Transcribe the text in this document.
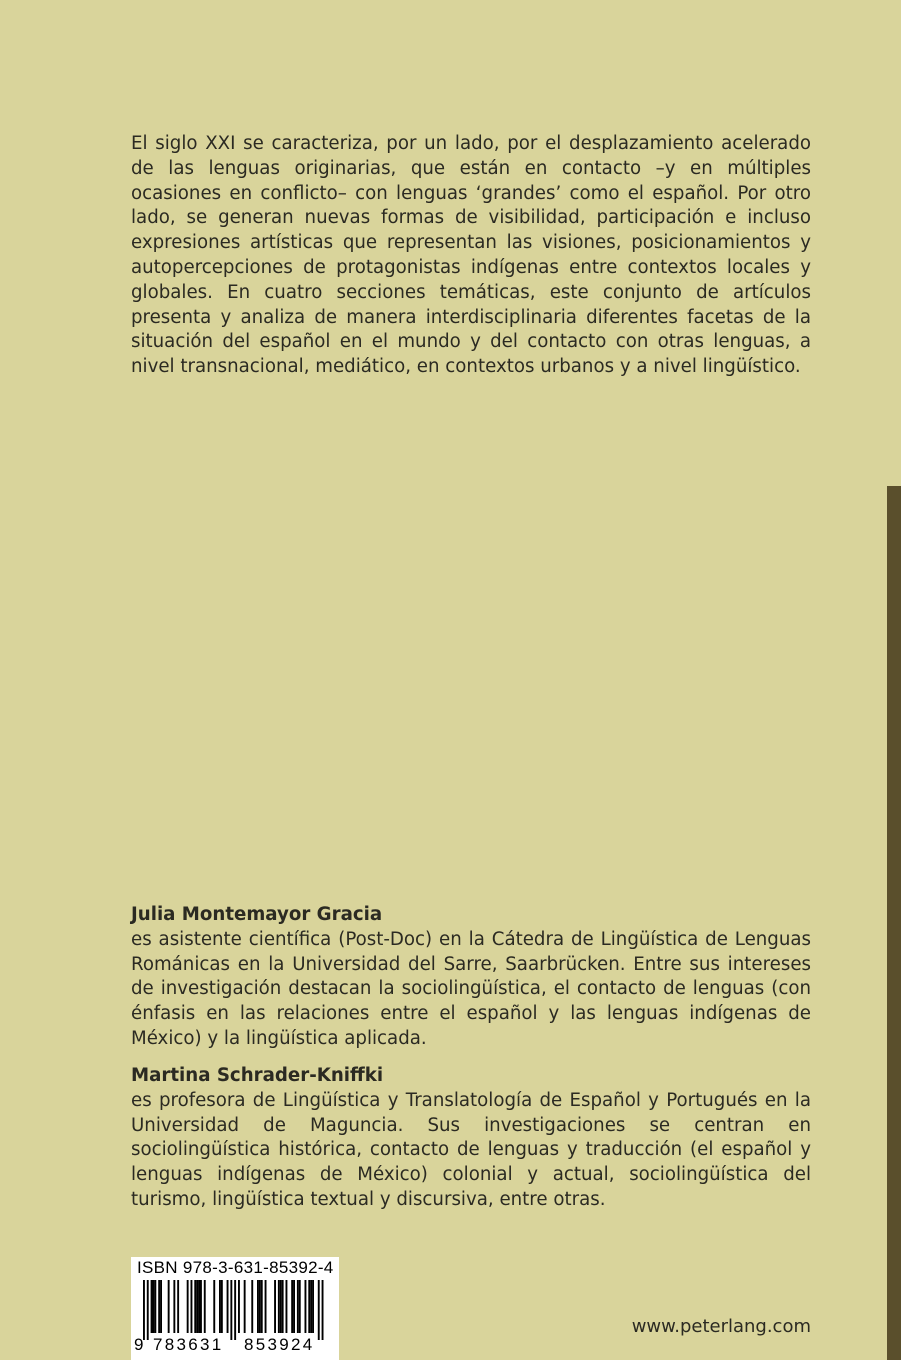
El siglo XXI se caracteriza, por un lado, por el desplazamiento acelerado de las lenguas originarias, que están en contacto –y en múltiples ocasiones en conflicto– con lenguas ‘grandes’ como el español. Por otro lado, se generan nuevas formas de visibilidad, participación e incluso expresiones artísticas que representan las visiones, posicionamientos y autopercepciones de protagonistas indígenas entre contextos locales y globales. En cuatro secciones temáticas, este conjunto de artículos presenta y analiza de manera interdisciplinaria diferentes facetas de la situación del español en el mundo y del contacto con otras lenguas, a nivel transnacional, mediático, en contextos urbanos y a nivel lingüístico.

Julia Montemayor Gracia
es asistente científica (Post-Doc) en la Cátedra de Lingüística de Lenguas Románicas en la Universidad del Sarre, Saarbrücken. Entre sus intereses de investigación destacan la sociolingüística, el contacto de lenguas (con énfasis en las relaciones entre el español y las lenguas indígenas de México) y la lingüística aplicada.
Martina Schrader-Kniffki
es profesora de Lingüística y Translatología de Español y Portugués en la Universidad de Maguncia. Sus investigaciones se centran en sociolingüística histórica, contacto de lenguas y traducción (el español y lenguas indígenas de México) colonial y actual, sociolingüística del turismo, lingüística textual y discursiva, entre otras.
ISBN 978-3-631-85392-4
9 783631 853924
www.peterlang.com
